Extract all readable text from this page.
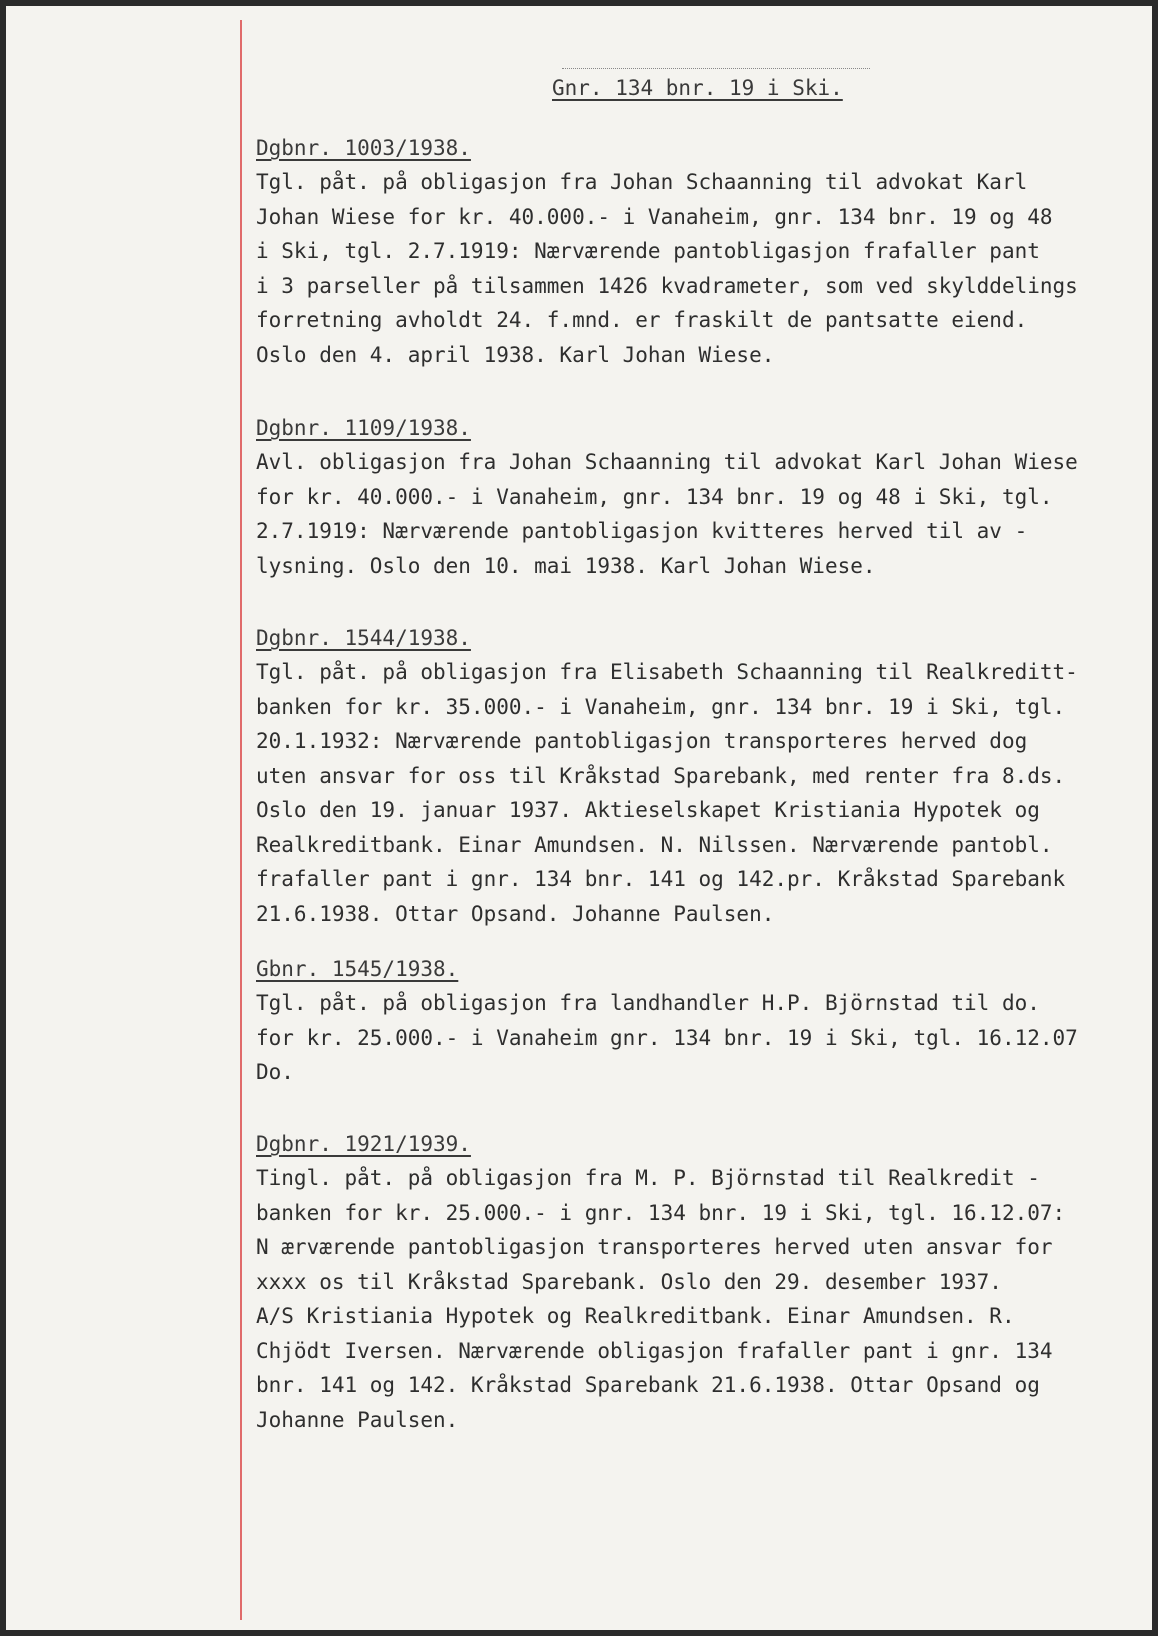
Gnr. 134 bnr. 19 i Ski.
Dgbnr. 1003/1938.
Tgl. påt. på obligasjon fra Johan Schaanning til advokat Karl
Johan Wiese for kr. 40.000.- i Vanaheim, gnr. 134 bnr. 19 og 48
i Ski, tgl. 2.7.1919: Nærværende pantobligasjon frafaller pant
i 3 parseller på tilsammen 1426 kvadrameter, som ved skylddelings
forretning avholdt 24. f.mnd. er fraskilt de pantsatte eiend.
Oslo den 4. april 1938. Karl Johan Wiese.
Dgbnr. 1109/1938.
Avl. obligasjon fra Johan Schaanning til advokat Karl Johan Wiese
for kr. 40.000.- i Vanaheim, gnr. 134 bnr. 19 og 48 i Ski, tgl.
2.7.1919: Nærværende pantobligasjon kvitteres herved til av -
lysning. Oslo den 10. mai 1938. Karl Johan Wiese.
Dgbnr. 1544/1938.
Tgl. påt. på obligasjon fra Elisabeth Schaanning til Realkreditt-
banken for kr. 35.000.- i Vanaheim, gnr. 134 bnr. 19 i Ski, tgl.
20.1.1932: Nærværende pantobligasjon transporteres herved dog
uten ansvar for oss til Kråkstad Sparebank, med renter fra 8.ds.
Oslo den 19. januar 1937. Aktieselskapet Kristiania Hypotek og
Realkreditbank. Einar Amundsen. N. Nilssen. Nærværende pantobl.
frafaller pant i gnr. 134 bnr. 141 og 142.pr. Kråkstad Sparebank
21.6.1938. Ottar Opsand. Johanne Paulsen.
Gbnr. 1545/1938.
Tgl. påt. på obligasjon fra landhandler H.P. Björnstad til do.
for kr. 25.000.- i Vanaheim gnr. 134 bnr. 19 i Ski, tgl. 16.12.07
Do.
Dgbnr. 1921/1939.
Tingl. påt. på obligasjon fra M. P. Björnstad til Realkredit -
banken for kr. 25.000.- i gnr. 134 bnr. 19 i Ski, tgl. 16.12.07:
N ærværende pantobligasjon transporteres herved uten ansvar for
xxxx os til Kråkstad Sparebank. Oslo den 29. desember 1937.
A/S Kristiania Hypotek og Realkreditbank. Einar Amundsen. R.
Chjödt Iversen. Nærværende obligasjon frafaller pant i gnr. 134
bnr. 141 og 142. Kråkstad Sparebank 21.6.1938. Ottar Opsand og
Johanne Paulsen.
